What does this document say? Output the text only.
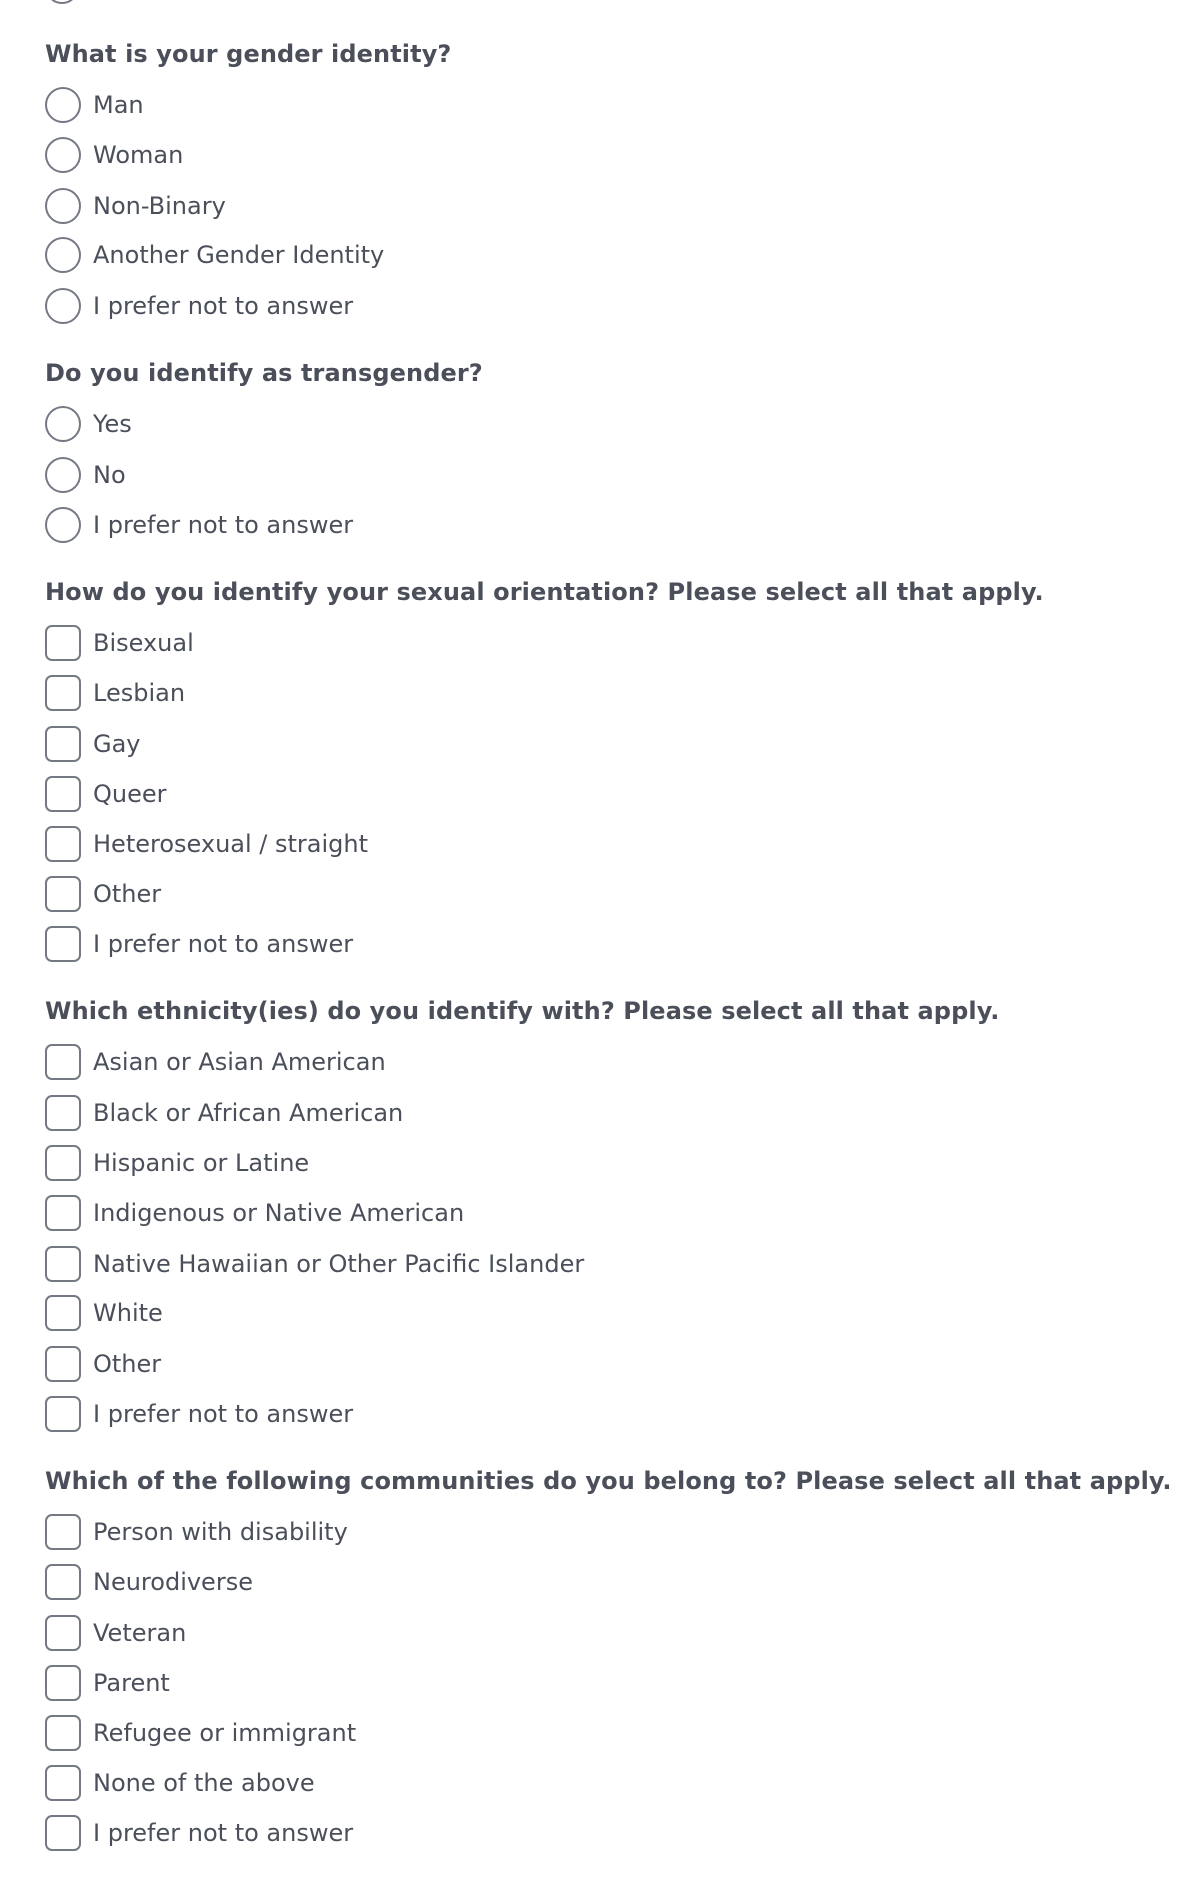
What is your gender identity?
Man
Woman
Non-Binary
Another Gender Identity
I prefer not to answer
Do you identify as transgender?
Yes
No
I prefer not to answer
How do you identify your sexual orientation? Please select all that apply.
Bisexual
Lesbian
Gay
Queer
Heterosexual / straight
Other
I prefer not to answer
Which ethnicity(ies) do you identify with? Please select all that apply.
Asian or Asian American
Black or African American
Hispanic or Latine
Indigenous or Native American
Native Hawaiian or Other Pacific Islander
White
Other
I prefer not to answer
Which of the following communities do you belong to? Please select all that apply.
Person with disability
Neurodiverse
Veteran
Parent
Refugee or immigrant
None of the above
I prefer not to answer
